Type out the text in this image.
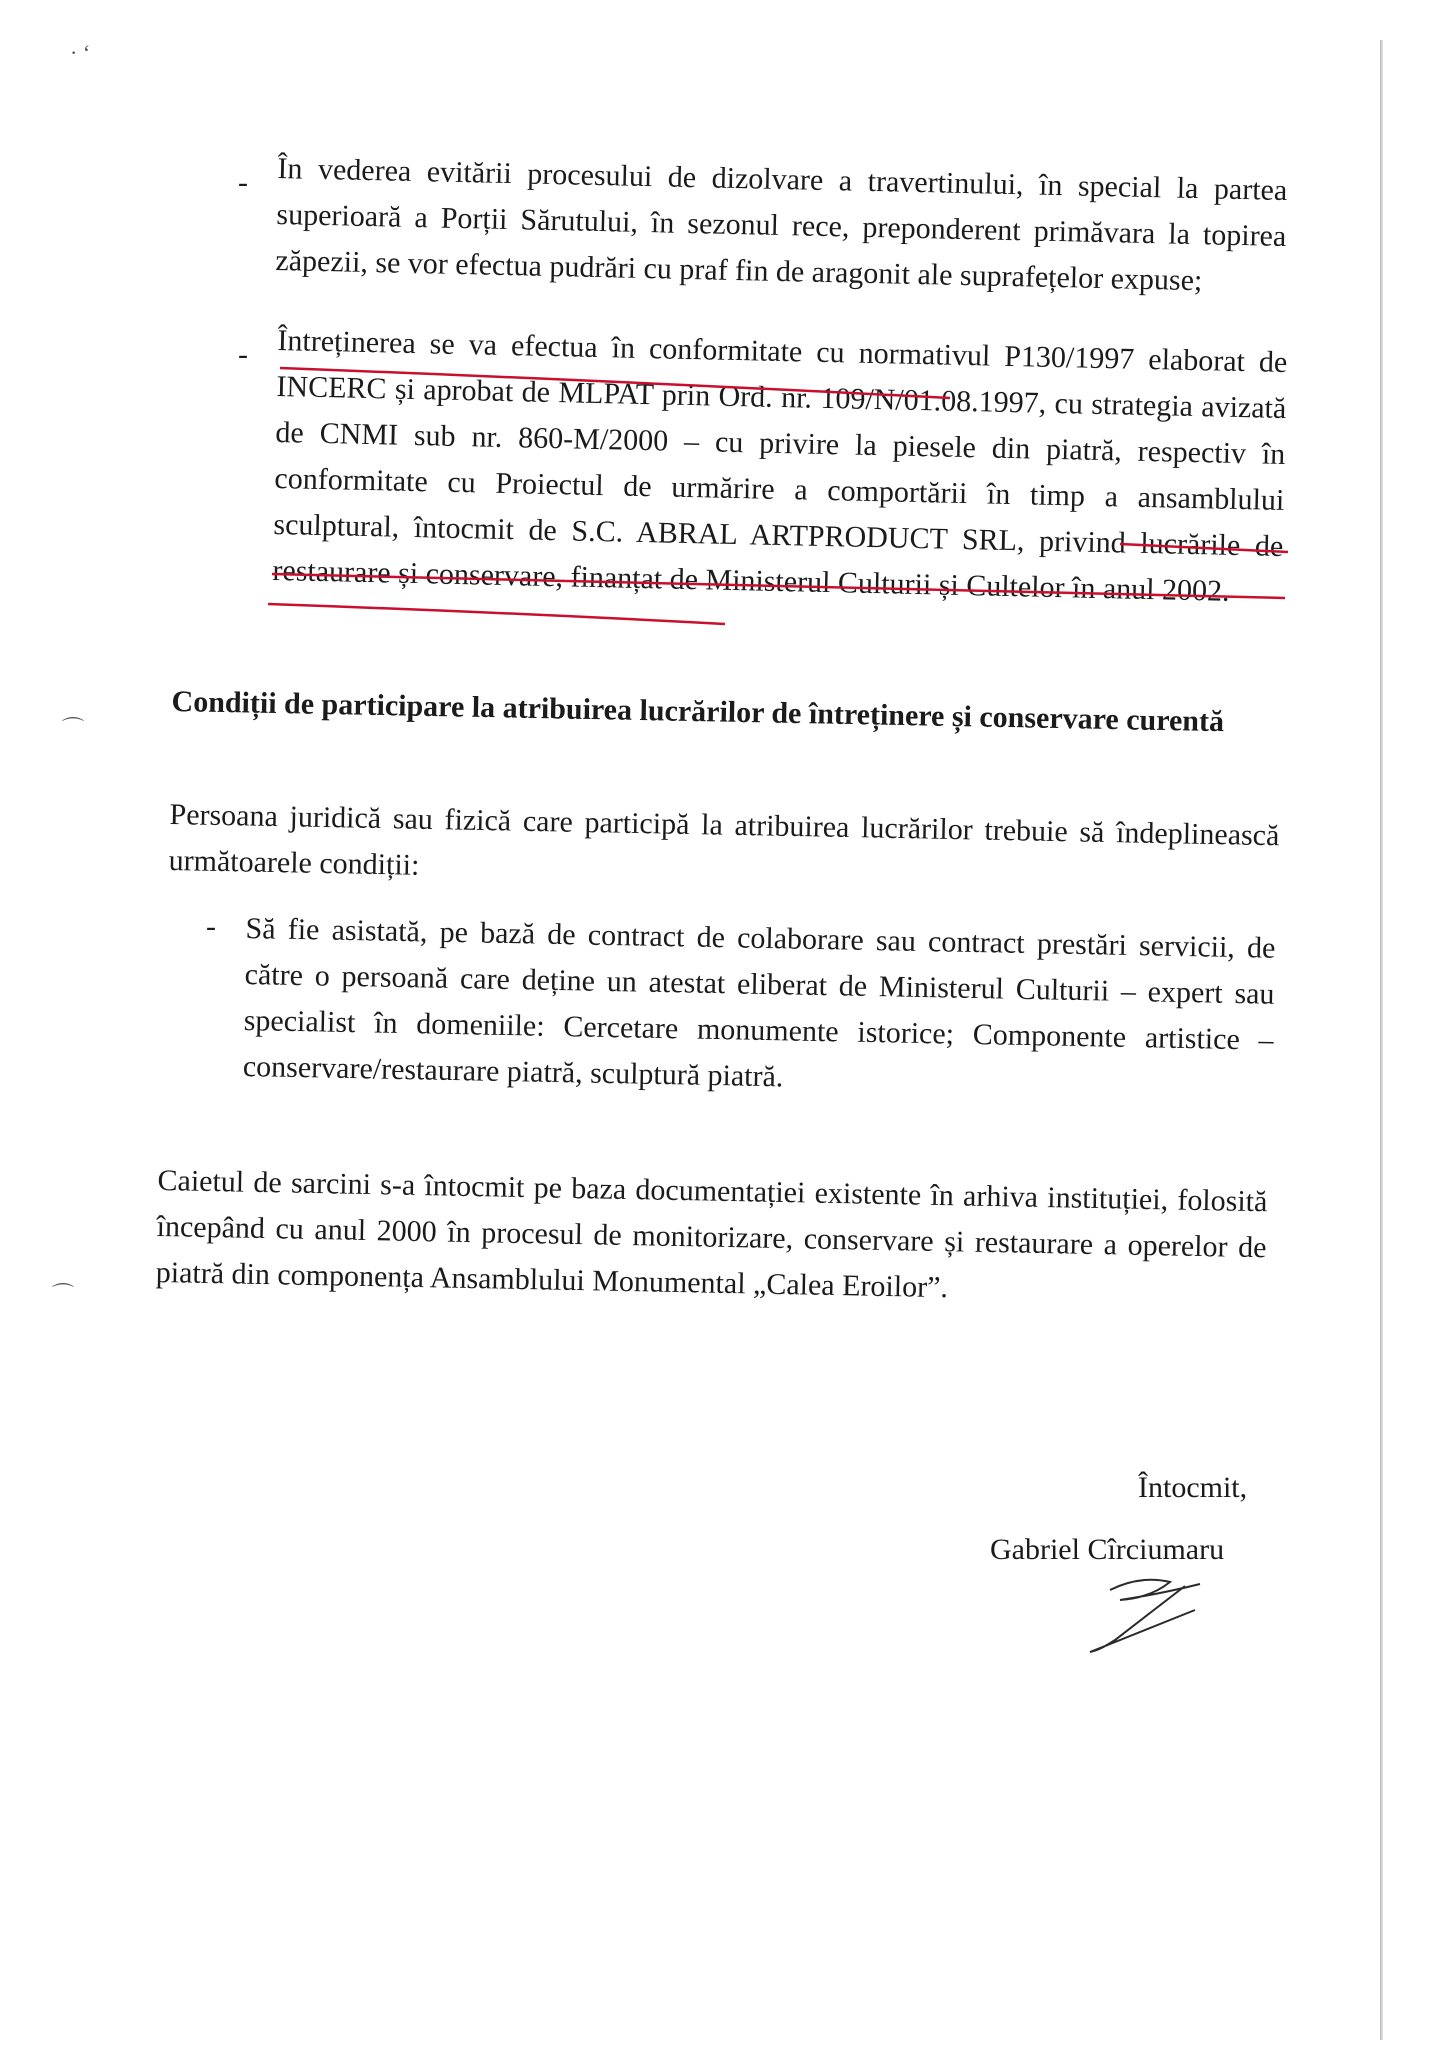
· ‘
⌒
⌒
- În vederea evitării procesului de dizolvare a travertinului, în special la partea superioară a Porții Sărutului, în sezonul rece, preponderent primăvara la topirea zăpezii, se vor efectua pudrări cu praf fin de aragonit ale suprafețelor expuse;
- Întreținerea se va efectua în conformitate cu normativul P130/1997 elaborat de INCERC și aprobat de MLPAT prin Ord. nr. 109/N/01.08.1997, cu strategia avizată de CNMI sub nr. 860-M/2000 – cu privire la piesele din piatră, respectiv în conformitate cu Proiectul de urmărire a comportării în timp a ansamblului sculptural, întocmit de S.C. ABRAL ARTPRODUCT SRL, privind lucrările de restaurare și conservare, finanțat de Ministerul Culturii și Cultelor în anul 2002.
Condiții de participare la atribuirea lucrărilor de întreținere și conservare curentă
Persoana juridică sau fizică care participă la atribuirea lucrărilor trebuie să îndeplinească următoarele condiții:
- Să fie asistată, pe bază de contract de colaborare sau contract prestări servicii, de către o persoană care deține un atestat eliberat de Ministerul Culturii – expert sau specialist în domeniile: Cercetare monumente istorice; Componente artistice – conservare/restaurare piatră, sculptură piatră.
Caietul de sarcini s-a întocmit pe baza documentației existente în arhiva instituției, folosită începând cu anul 2000 în procesul de monitorizare, conservare și restaurare a operelor de piatră din componența Ansamblului Monumental „Calea Eroilor”.
Întocmit,
Gabriel Cîrciumaru
